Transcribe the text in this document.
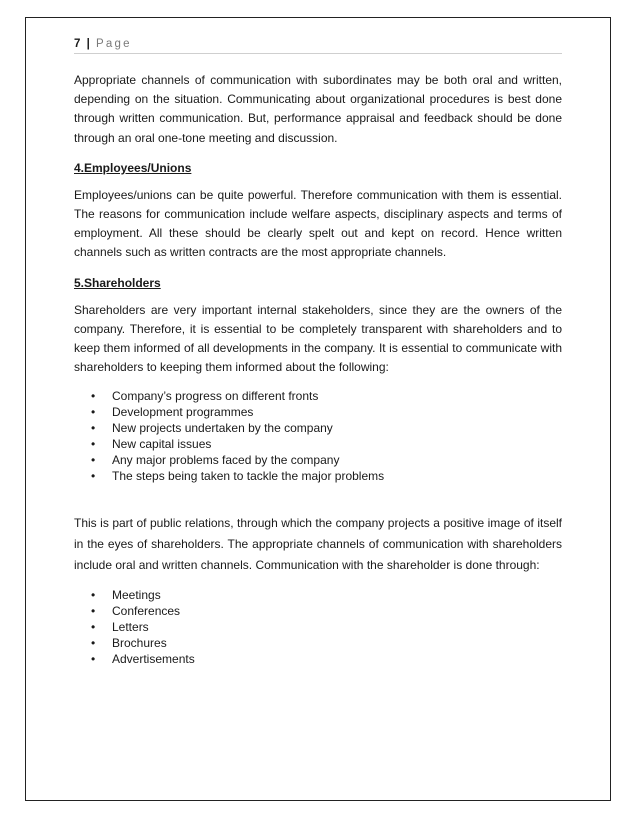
7 | Page

Appropriate channels of communication with subordinates may be both oral and written, depending on the situation. Communicating about organizational procedures is best done through written communication. But, performance appraisal and feedback should be done through an oral one-tone meeting and discussion.

4.Employees/Unions

Employees/unions can be quite powerful. Therefore communication with them is essential. The reasons for communication include welfare aspects, disciplinary aspects and terms of employment. All these should be clearly spelt out and kept on record. Hence written channels such as written contracts are the most appropriate channels.

5.Shareholders

Shareholders are very important internal stakeholders, since they are the owners of the company. Therefore, it is essential to be completely transparent with shareholders and to keep them informed of all developments in the company. It is essential to communicate with shareholders to keeping them informed about the following:

• Company’s progress on different fronts
• Development programmes
• New projects undertaken by the company
• New capital issues
• Any major problems faced by the company
• The steps being taken to tackle the major problems

This is part of public relations, through which the company projects a positive image of itself in the eyes of shareholders. The appropriate channels of communication with shareholders include oral and written channels. Communication with the shareholder is done through:

• Meetings
• Conferences
• Letters
• Brochures
• Advertisements
